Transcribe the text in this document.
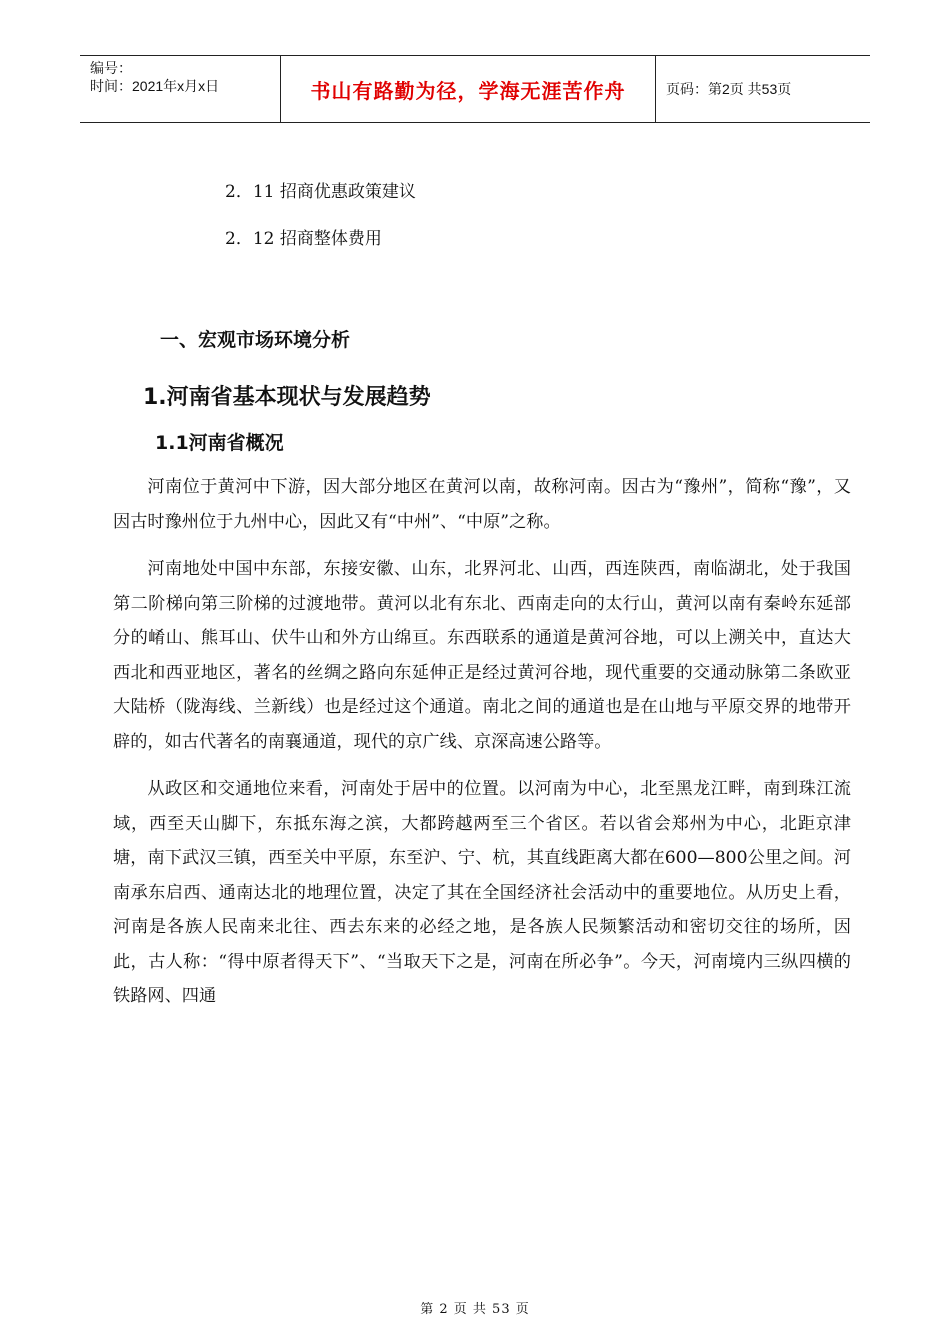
编号：
时间：2021年x月x日	书山有路勤为径，学海无涯苦作舟	页码：第2页 共53页
2．11 招商优惠政策建议
2．12 招商整体费用
一、宏观市场环境分析
1.河南省基本现状与发展趋势
1.1河南省概况

河南位于黄河中下游，因大部分地区在黄河以南，故称河南。因古为“豫州”，简称“豫”，又因古时豫州位于九州中心，因此又有“中州”、“中原”之称。

河南地处中国中东部，东接安徽、山东，北界河北、山西，西连陕西，南临湖北，处于我国第二阶梯向第三阶梯的过渡地带。黄河以北有东北、西南走向的太行山，黄河以南有秦岭东延部分的崤山、熊耳山、伏牛山和外方山绵亘。东西联系的通道是黄河谷地，可以上溯关中，直达大西北和西亚地区，著名的丝绸之路向东延伸正是经过黄河谷地，现代重要的交通动脉第二条欧亚大陆桥（陇海线、兰新线）也是经过这个通道。南北之间的通道也是在山地与平原交界的地带开辟的，如古代著名的南襄通道，现代的京广线、京深高速公路等。

从政区和交通地位来看，河南处于居中的位置。以河南为中心，北至黑龙江畔，南到珠江流域，西至天山脚下，东抵东海之滨，大都跨越两至三个省区。若以省会郑州为中心，北距京津塘，南下武汉三镇，西至关中平原，东至沪、宁、杭，其直线距离大都在600—800公里之间。河南承东启西、通南达北的地理位置，决定了其在全国经济社会活动中的重要地位。从历史上看，河南是各族人民南来北往、西去东来的必经之地，是各族人民频繁活动和密切交往的场所，因此，古人称：“得中原者得天下”、“当取天下之是，河南在所必争”。今天，河南境内三纵四横的铁路网、四通

第 2 页 共 53 页
